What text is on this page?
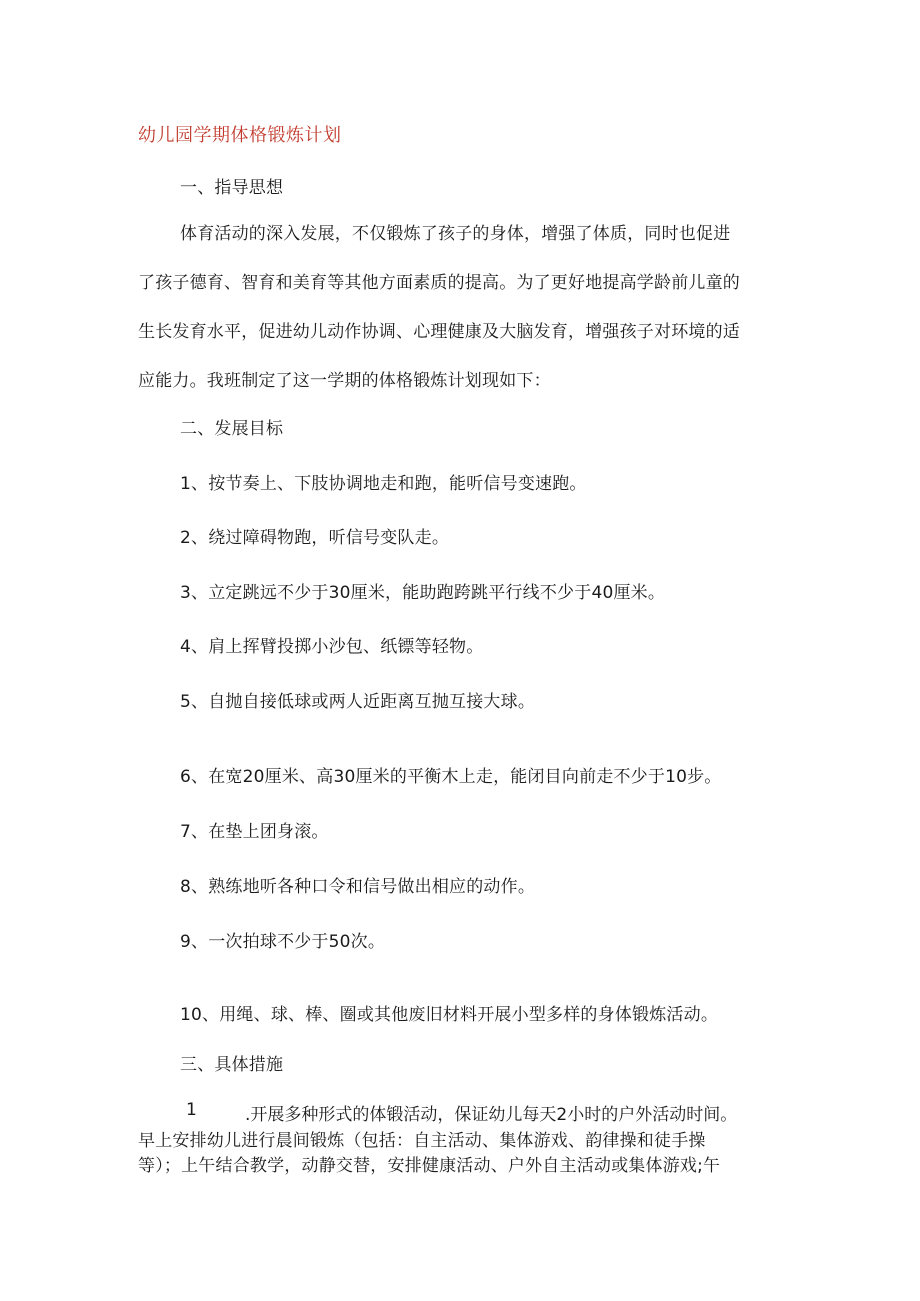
幼儿园学期体格锻炼计划
一、指导思想
体育活动的深入发展，不仅锻炼了孩子的身体，增强了体质，同时也促进
了孩子德育、智育和美育等其他方面素质的提高。为了更好地提高学龄前儿童的
生长发育水平，促进幼儿动作协调、心理健康及大脑发育，增强孩子对环境的适
应能力。我班制定了这一学期的体格锻炼计划现如下：
二、发展目标
1、按节奏上、下肢协调地走和跑，能听信号变速跑。
2、绕过障碍物跑，听信号变队走。
3、立定跳远不少于30厘米，能助跑跨跳平行线不少于40厘米。
4、肩上挥臂投掷小沙包、纸镖等轻物。
5、自抛自接低球或两人近距离互抛互接大球。
6、在宽20厘米、高30厘米的平衡木上走，能闭目向前走不少于10步。
7、在垫上团身滚。
8、熟练地听各种口令和信号做出相应的动作。
9、一次拍球不少于50次。
10、用绳、球、棒、圈或其他废旧材料开展小型多样的身体锻炼活动。
三、具体措施
1	.开展多种形式的体锻活动，保证幼儿每天2小时的户外活动时间。
早上安排幼儿进行晨间锻炼（包括：自主活动、集体游戏、韵律操和徒手操
等）；上午结合教学，动静交替，安排健康活动、户外自主活动或集体游戏;午
